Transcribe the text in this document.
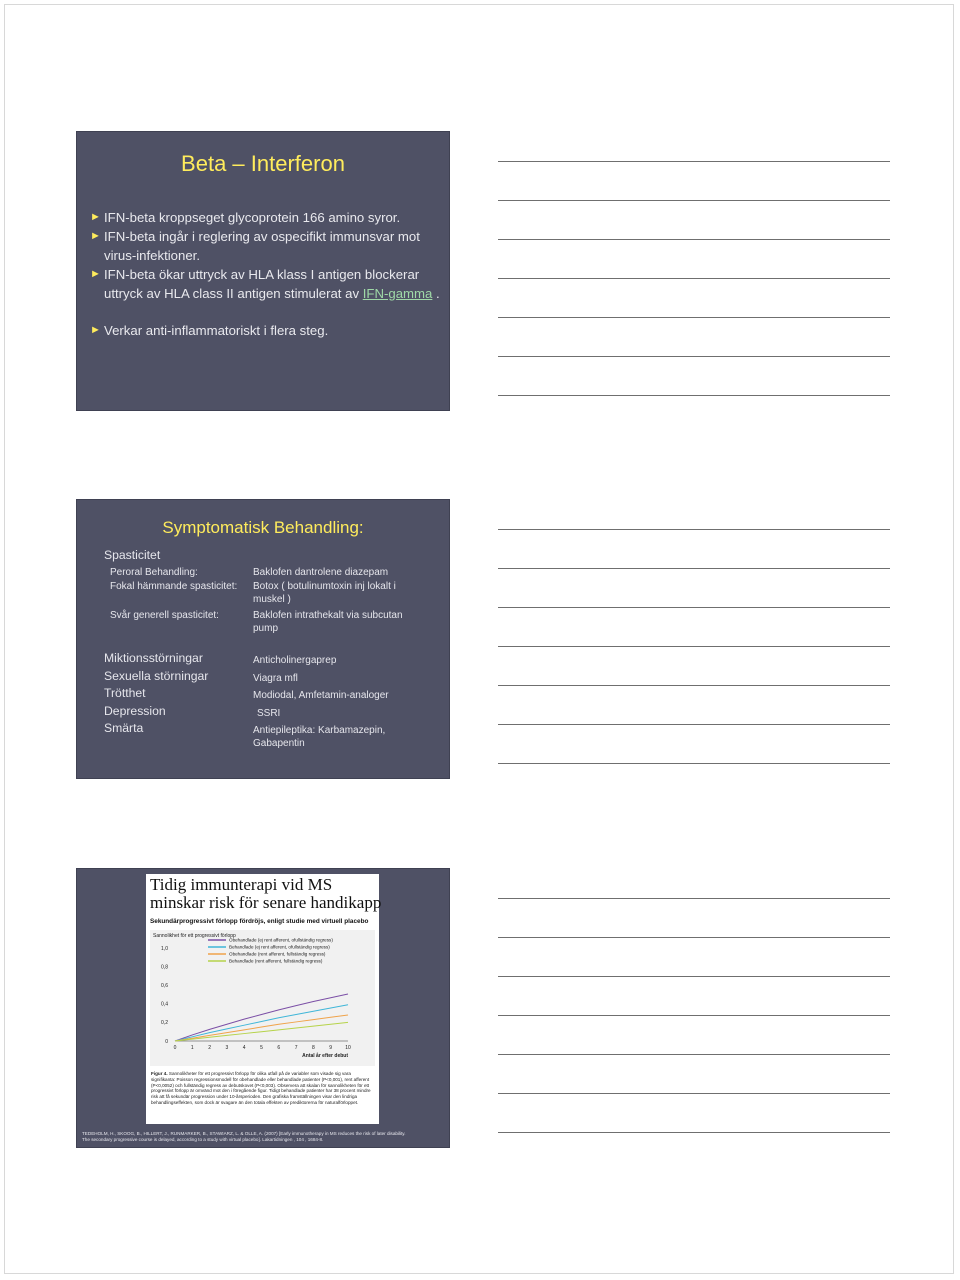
Beta – Interferon
► IFN-beta kroppseget glycoprotein 166 amino syror.
► IFN-beta ingår i reglering av ospecifikt immunsvar mot virus-infektioner.
► IFN-beta ökar uttryck av HLA klass I antigen blockerar uttryck av HLA class II antigen stimulerat av IFN-gamma .
► Verkar anti-inflammatoriskt i flera steg.
Symptomatisk Behandling:
Spasticitet
Peroral Behandling:	Baklofen dantrolene diazepam
Fokal hämmande spasticitet: Botox ( botulinumtoxin inj lokalt i muskel )
Svår generell spasticitet:	Baklofen intrathekalt via subcutan pump
Miktionsstörningar	Anticholinergaprep
Sexuella störningar	Viagra mfl
Trötthet	Modiodal, Amfetamin-analoger
Depression	SSRI
Smärta	Antiepileptika: Karbamazepin, Gabapentin
Tidig immunterapi vid MS
minskar risk för senare handikapp
Sekundärprogressivt förlopp fördröjs, enligt studie med virtuell placebo
Sannolikhet för ett progressivt förlopp
0
0,2
0,4
0,6
0,8
1,0
0	1	2	3	4	5	6	7	8	9	10
Antal år efter debut
Obehandlade (ej rent afferent, ofullständig regress)
Behandlade (ej rent afferent, ofullständig regress)
Obehandlade (rent afferent, fullständig regress)
Behandlade (rent afferent, fullständig regress)
Figur 4. Sannolikheter för ett progressivt förlopp för olika utfall på de variabler som visade sig vara signifikanta: Poisson regressionsmodell för obehandlade eller behandlade patienter (P<0,001), rent afferent (P<0,0052) och fullständig regress av debutskovet (P<0,003). Observera att skalan för sannolikheten för ett progressivt förlopp är omvänd mot den i föregående figur. Tidigt behandlade patienter har 38 procent mindre risk att få sekundär progression under 10-årsperioden. Den grafiska framställningen visar den lindriga behandlingseffekten, som dock är svagare än den totala effekten av prediktorerna för naturalförloppet.
TEDEHOLM, H., SKOOG, B., HILLERT, J., RUNMARKER, B., STAWIARZ, L. & OLLE, A. (2007) [Early immunotherapy in MS reduces the risk of later disability.
The secondary progressive course is delayed, according to a study with virtual placebo]. Lakartidningen , 104 , 1684-8.
